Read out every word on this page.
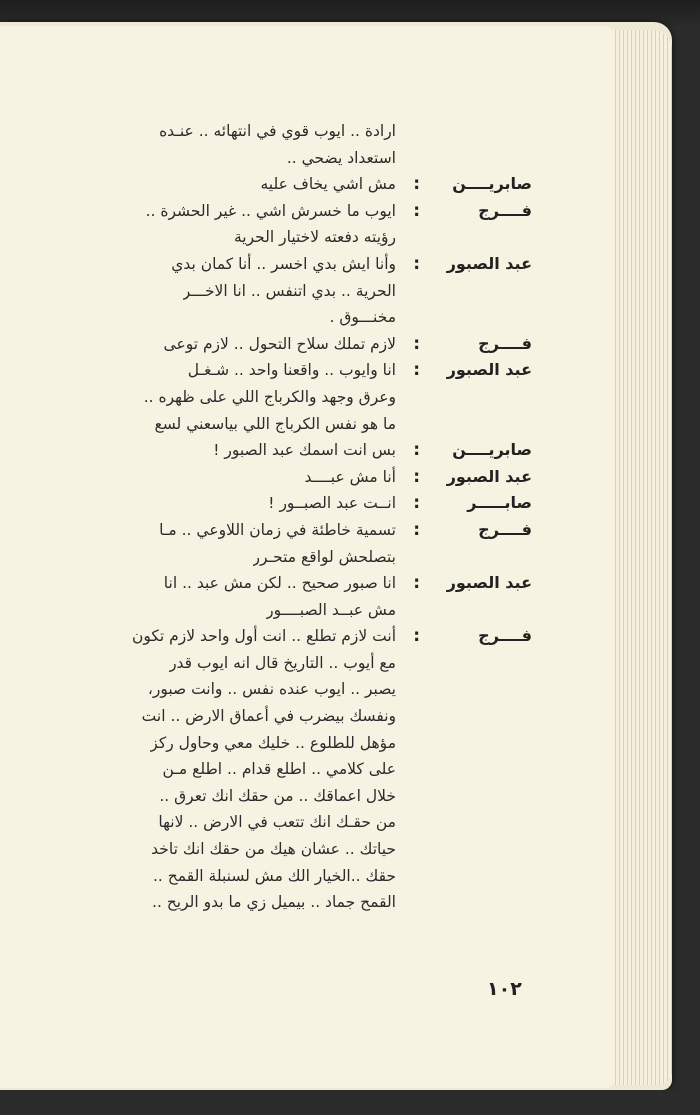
ارادة .. ايوب قوي في انتهائه .. عنـده
استعداد يضحي ..
صابريــــن
:
مش اشي يخاف عليه
فــــرج
:
ايوب ما خسرش اشي .. غير الحشرة ..
رؤيته دفعته لاختيار الحرية
عبد الصبور
:
وأنا ايش بدي اخسر .. أنا كمان بدي
الحرية .. بدي اتنفس .. انا الاخـــر
مخنـــوق .
فــــرج
:
لازم تملك سلاح التحول .. لازم توعى
عبد الصبور
:
انا وايوب .. واقعنا واحد .. شـغـل
وعرق وجهد والكرباج اللي على ظهره ..
ما هو نفس الكرباج اللي بياسعني لسع
صابريــــن
:
بس انت اسمك عبد الصبور !
عبد الصبور
:
أنا مش عبــــد
صابـــــر
:
انــت عبد الصبــور !
فــــرج
:
تسمية خاطئة في زمان اللاوعي .. مـا
بتصلحش لواقع متحـرر
عبد الصبور
:
انا صبور صحيح .. لكن مش عبد .. انا
مش عبــد الصبــــور
فــــرج
:
أنت لازم تطلع .. انت أول واحد لازم تكون
مع أيوب .. التاريخ قال انه ايوب قدر
يصبر .. ايوب عنده نفس .. وانت صبور،
ونفسك بيضرب في أعماق الارض .. انت
مؤهل للطلوع .. خليك معي وحاول ركز
على كلامي .. اطلع قدام .. اطلع مـن
خلال اعماقك .. من حقك انك تعرق ..
من حقـك انك تتعب في الارض .. لانها
حياتك .. عشان هيك من حقك انك تاخد
حقك ..الخيار الك مش لسنبلة القمح ..
القمح جماد .. بيميل زي ما بدو الريح ..
١٠٢
